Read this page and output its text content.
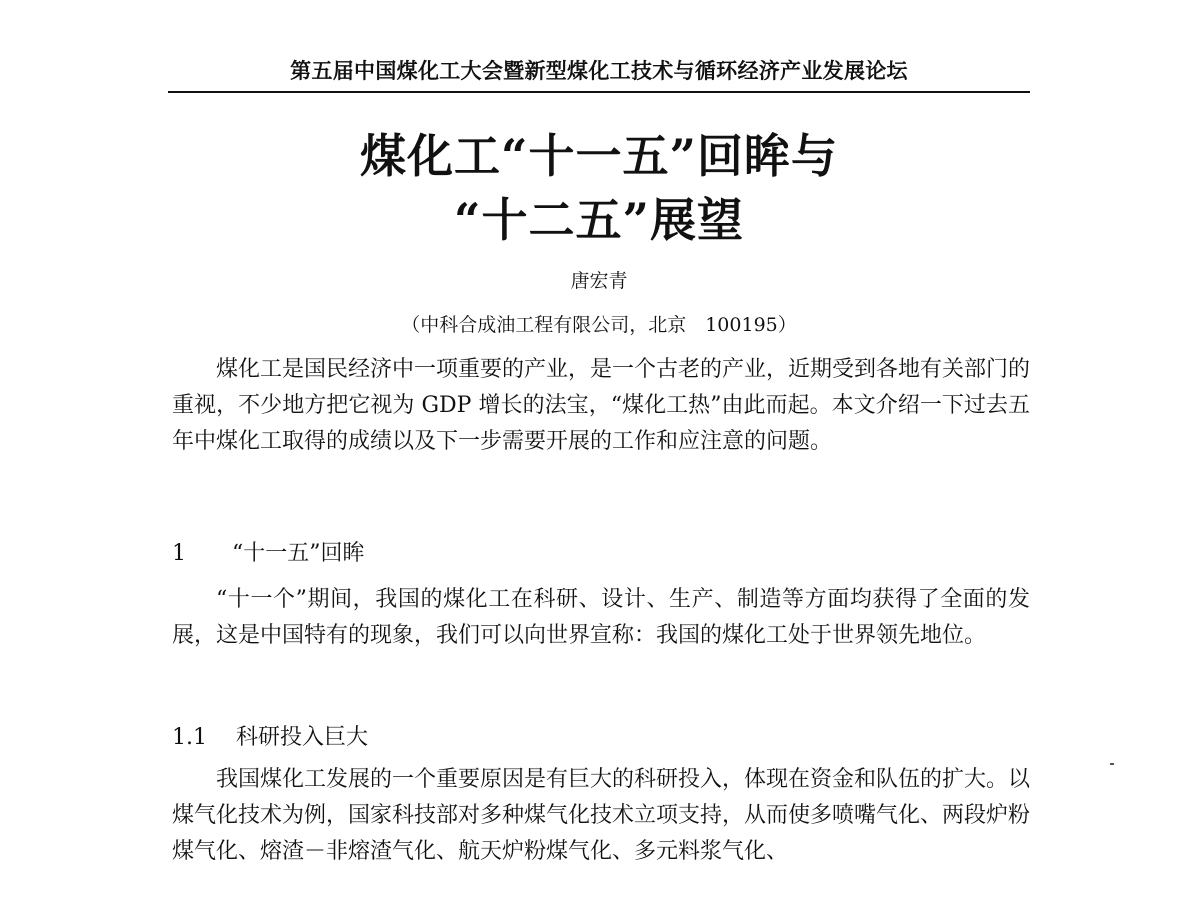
第五届中国煤化工大会暨新型煤化工技术与循环经济产业发展论坛
煤化工“十一五”回眸与
“十二五”展望
唐宏青
（中科合成油工程有限公司，北京　100195）
煤化工是国民经济中一项重要的产业，是一个古老的产业，近期受到各地有关部门的重视，不少地方把它视为 GDP 增长的法宝，“煤化工热”由此而起。本文介绍一下过去五年中煤化工取得的成绩以及下一步需要开展的工作和应注意的问题。
1 “十一五”回眸
“十一个”期间，我国的煤化工在科研、设计、生产、制造等方面均获得了全面的发展，这是中国特有的现象，我们可以向世界宣称：我国的煤化工处于世界领先地位。
1.1 科研投入巨大
我国煤化工发展的一个重要原因是有巨大的科研投入，体现在资金和队伍的扩大。以煤气化技术为例，国家科技部对多种煤气化技术立项支持，从而使多喷嘴气化、两段炉粉煤气化、熔渣－非熔渣气化、航天炉粉煤气化、多元料浆气化、
